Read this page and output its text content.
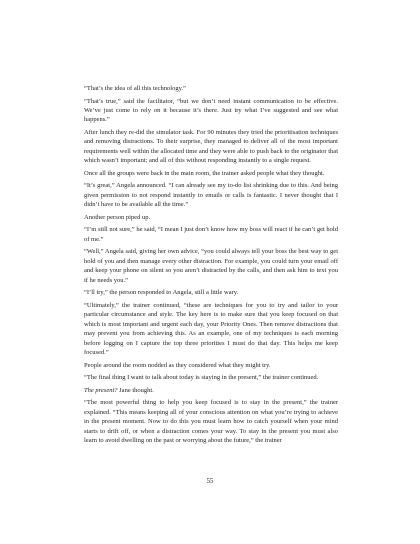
“That’s the idea of all this technology.”

“That’s true,” said the facilitator, “but we don’t need instant communication to be effective. We’ve just come to rely on it because it’s there. Just try what I’ve suggested and see what happens.”

After lunch they re-did the simulator task. For 90 minutes they tried the prioritisation techniques and removing distractions. To their surprise, they managed to deliver all of the most important requirements well within the allocated time and they were able to push back to the originator that which wasn’t important; and all of this without responding instantly to a single request.

Once all the groups were back in the main room, the trainer asked people what they thought.

“It’s great,” Angela announced. “I can already see my to-do list shrinking due to this. And being given permission to not respond instantly to emails or calls is fantastic. I never thought that I didn’t have to be available all the time.”

Another person piped up.

“I’m still not sure,” he said, “I mean I just don’t know how my boss will react if he can’t get hold of me.”

“Well,” Angela said, giving her own advice, “you could always tell your boss the best way to get hold of you and then manage every other distraction. For example, you could turn your email off and keep your phone on silent so you aren’t distracted by the calls, and then ask him to text you if he needs you.”

“I’ll try,” the person responded to Angela, still a little wary.

“Ultimately,” the trainer continued, “these are techniques for you to try and tailor to your particular circumstance and style. The key here is to make sure that you keep focused on that which is most important and urgent each day, your Priority Ones. Then remove distractions that may prevent you from achieving this. As an example, one of my techniques is each morning before logging on I capture the top three priorities I must do that day. This helps me keep focused.”

People around the room nodded as they considered what they might try.

“The final thing I want to talk about today is staying in the present,” the trainer continued.

The present? Jane thought.

“The most powerful thing to help you keep focused is to stay in the present,” the trainer explained. “This means keeping all of your conscious attention on what you’re trying to achieve in the present moment. Now to do this you must learn how to catch yourself when your mind starts to drift off, or when a distraction comes your way. To stay in the present you must also learn to avoid dwelling on the past or worrying about the future,” the trainer

55
